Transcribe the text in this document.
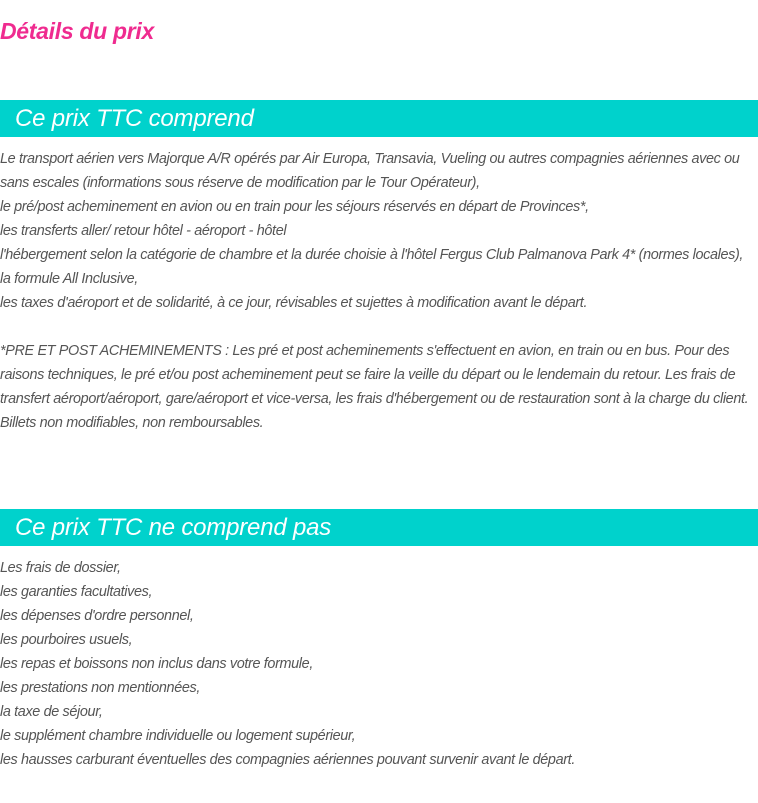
Détails du prix
Ce prix TTC comprend
Le transport aérien vers Majorque A/R opérés par Air Europa, Transavia, Vueling ou autres compagnies aériennes avec ou sans escales (informations sous réserve de modification par le Tour Opérateur),
le pré/post acheminement en avion ou en train pour les séjours réservés en départ de Provinces*,
les transferts aller/ retour hôtel - aéroport - hôtel
l'hébergement selon la catégorie de chambre et la durée choisie à l'hôtel Fergus Club Palmanova Park 4* (normes locales),
la formule All Inclusive,
les taxes d'aéroport et de solidarité, à ce jour, révisables et sujettes à modification avant le départ.
*PRE ET POST ACHEMINEMENTS : Les pré et post acheminements s'effectuent en avion, en train ou en bus. Pour des raisons techniques, le pré et/ou post acheminement peut se faire la veille du départ ou le lendemain du retour. Les frais de transfert aéroport/aéroport, gare/aéroport et vice-versa, les frais d'hébergement ou de restauration sont à la charge du client. Billets non modifiables, non remboursables.
Ce prix TTC ne comprend pas
Les frais de dossier,
les garanties facultatives,
les dépenses d'ordre personnel,
les pourboires usuels,
les repas et boissons non inclus dans votre formule,
les prestations non mentionnées,
la taxe de séjour,
le supplément chambre individuelle ou logement supérieur,
les hausses carburant éventuelles des compagnies aériennes pouvant survenir avant le départ.
